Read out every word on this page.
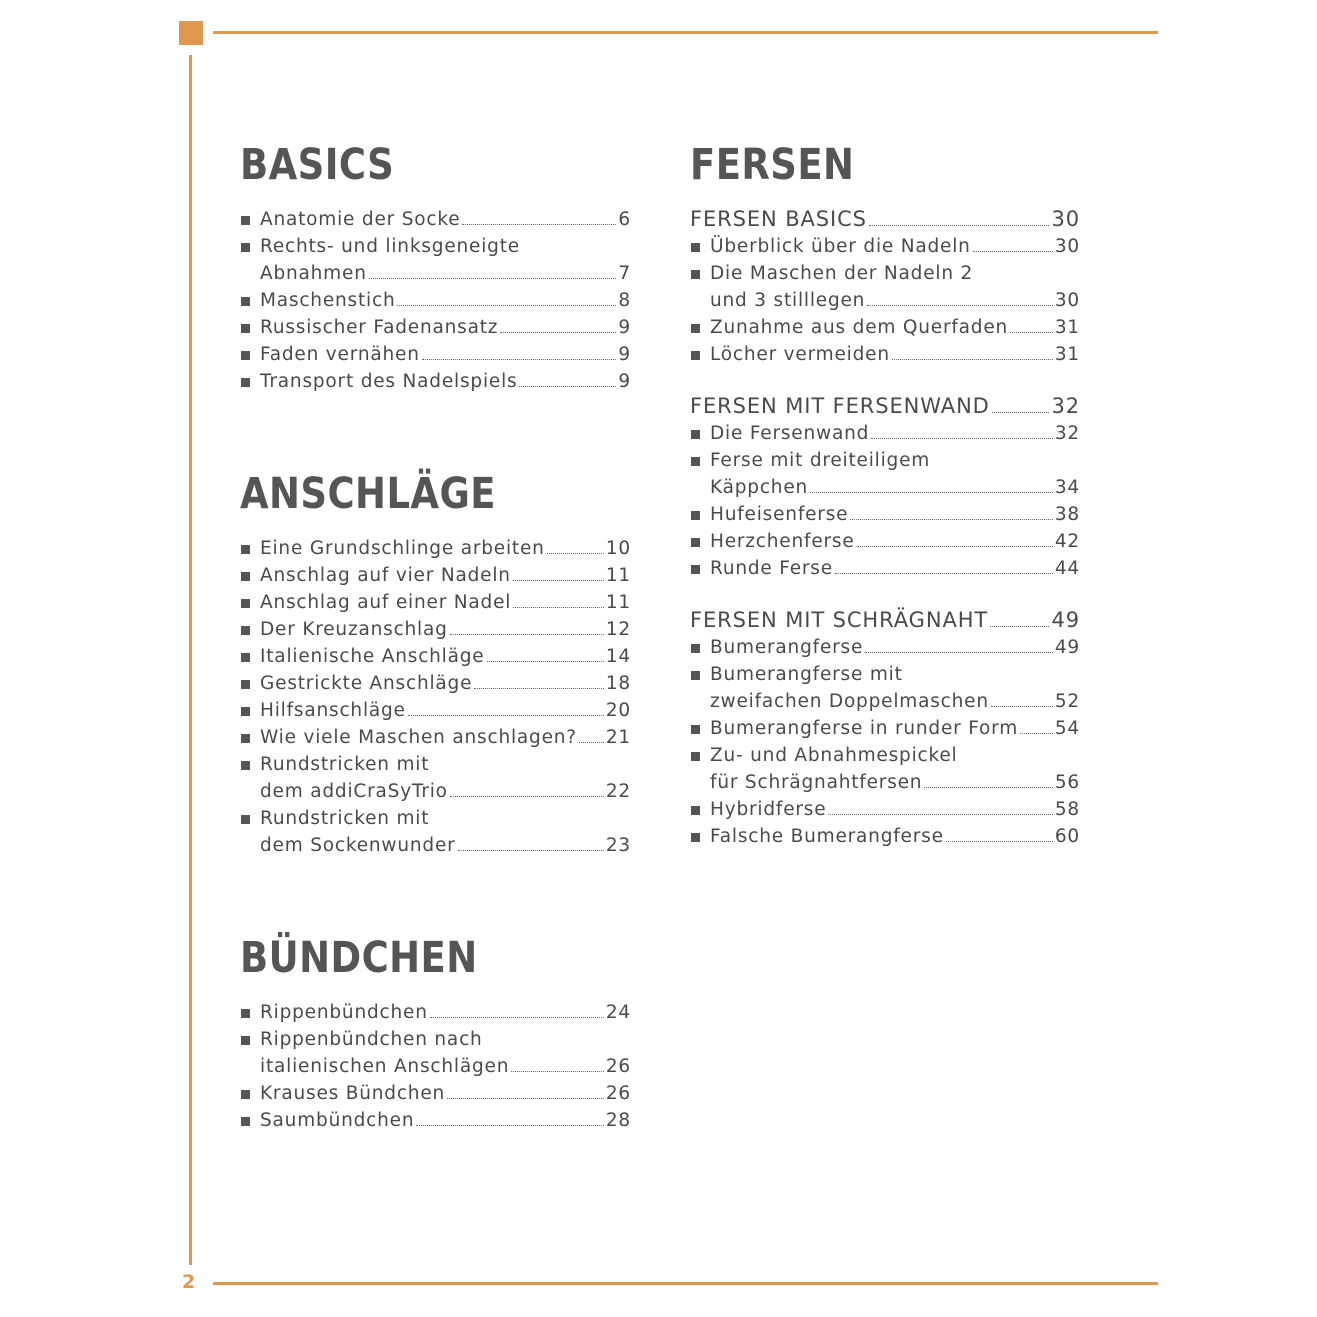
2
BASICS
Anatomie der Socke	6
Rechts- und linksgeneigte
Abnahmen	7
Maschenstich	8
Russischer Fadenansatz	9
Faden vernähen	9
Transport des Nadelspiels	9
ANSCHLÄGE
Eine Grundschlinge arbeiten	10
Anschlag auf vier Nadeln	11
Anschlag auf einer Nadel	11
Der Kreuzanschlag	12
Italienische Anschläge	14
Gestrickte Anschläge	18
Hilfsanschläge	20
Wie viele Maschen anschlagen? 21
Rundstricken mit
dem addiCraSyTrio	22
Rundstricken mit
dem Sockenwunder	23
BÜNDCHEN
Rippenbündchen	24
Rippenbündchen nach
italienischen Anschlägen	26
Krauses Bündchen	26
Saumbündchen	28
FERSEN
FERSEN BASICS	30
Überblick über die Nadeln	30
Die Maschen der Nadeln 2
und 3 stilllegen	30
Zunahme aus dem Querfaden	31
Löcher vermeiden	31
FERSEN MIT FERSENWAND	32
Die Fersenwand	32
Ferse mit dreiteiligem
Käppchen	34
Hufeisenferse	38
Herzchenferse	42
Runde Ferse	44
FERSEN MIT SCHRÄGNAHT	49
Bumerangferse	49
Bumerangferse mit
zweifachen Doppelmaschen	52
Bumerangferse in runder Form 54
Zu- und Abnahmespickel
für Schrägnahtfersen	56
Hybridferse	58
Falsche Bumerangferse	60
